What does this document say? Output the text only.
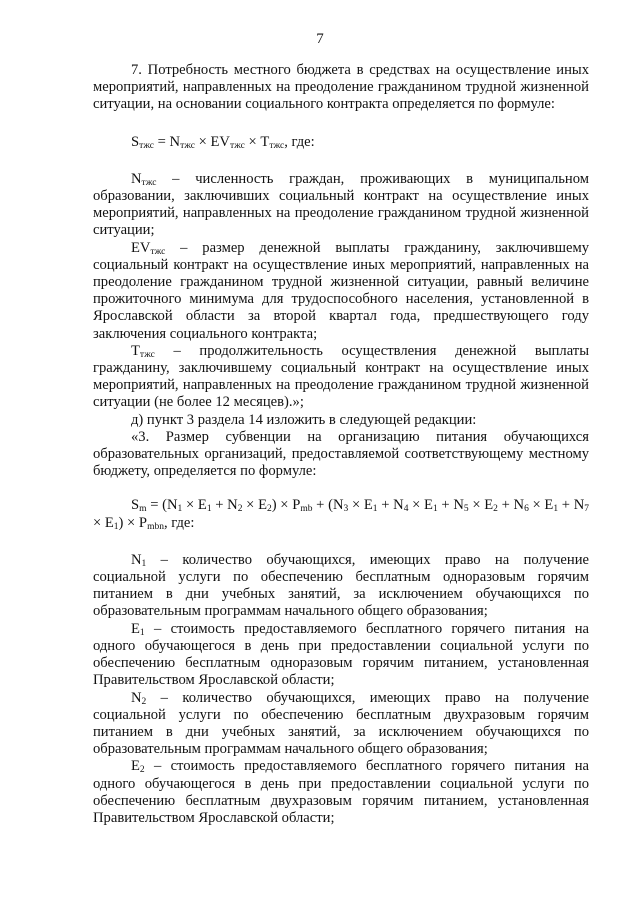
7

7. Потребность местного бюджета в средствах на осуществление иных мероприятий, направленных на преодоление гражданином трудной жизненной ситуации, на основании социального контракта определяется по формуле:

$S_{тжс} = N_{тжс} \times EV_{тжс} \times T_{тжс}$, где:

$N_{тжс}$ – численность граждан, проживающих в муниципальном образовании, заключивших социальный контракт на осуществление иных мероприятий, направленных на преодоление гражданином трудной жизненной ситуации;

$EV_{тжс}$ – размер денежной выплаты гражданину, заключившему социальный контракт на осуществление иных мероприятий, направленных на преодоление гражданином трудной жизненной ситуации, равный величине прожиточного минимума для трудоспособного населения, установленной в Ярославской области за второй квартал года, предшествующего году заключения социального контракта;

$T_{тжс}$ – продолжительность осуществления денежной выплаты гражданину, заключившему социальный контракт на осуществление иных мероприятий, направленных на преодоление гражданином трудной жизненной ситуации (не более 12 месяцев).»;

д) пункт 3 раздела 14 изложить в следующей редакции:

«3. Размер субвенции на организацию питания обучающихся образовательных организаций, предоставляемой соответствующему местному бюджету, определяется по формуле:

$S_m = (N_1 \times E_1 + N_2 \times E_2) \times P_{mb} + (N_3 \times E_1 + N_4 \times E_1 + N_5 \times E_2 + N_6 \times E_1 + N_7 \times E_1) \times P_{mbn}$, где:

$N_1$ – количество обучающихся, имеющих право на получение социальной услуги по обеспечению бесплатным одноразовым горячим питанием в дни учебных занятий, за исключением обучающихся по образовательным программам начального общего образования;

$E_1$ – стоимость предоставляемого бесплатного горячего питания на одного обучающегося в день при предоставлении социальной услуги по обеспечению бесплатным одноразовым горячим питанием, установленная Правительством Ярославской области;

$N_2$ – количество обучающихся, имеющих право на получение социальной услуги по обеспечению бесплатным двухразовым горячим питанием в дни учебных занятий, за исключением обучающихся по образовательным программам начального общего образования;

$E_2$ – стоимость предоставляемого бесплатного горячего питания на одного обучающегося в день при предоставлении социальной услуги по обеспечению бесплатным двухразовым горячим питанием, установленная Правительством Ярославской области;
